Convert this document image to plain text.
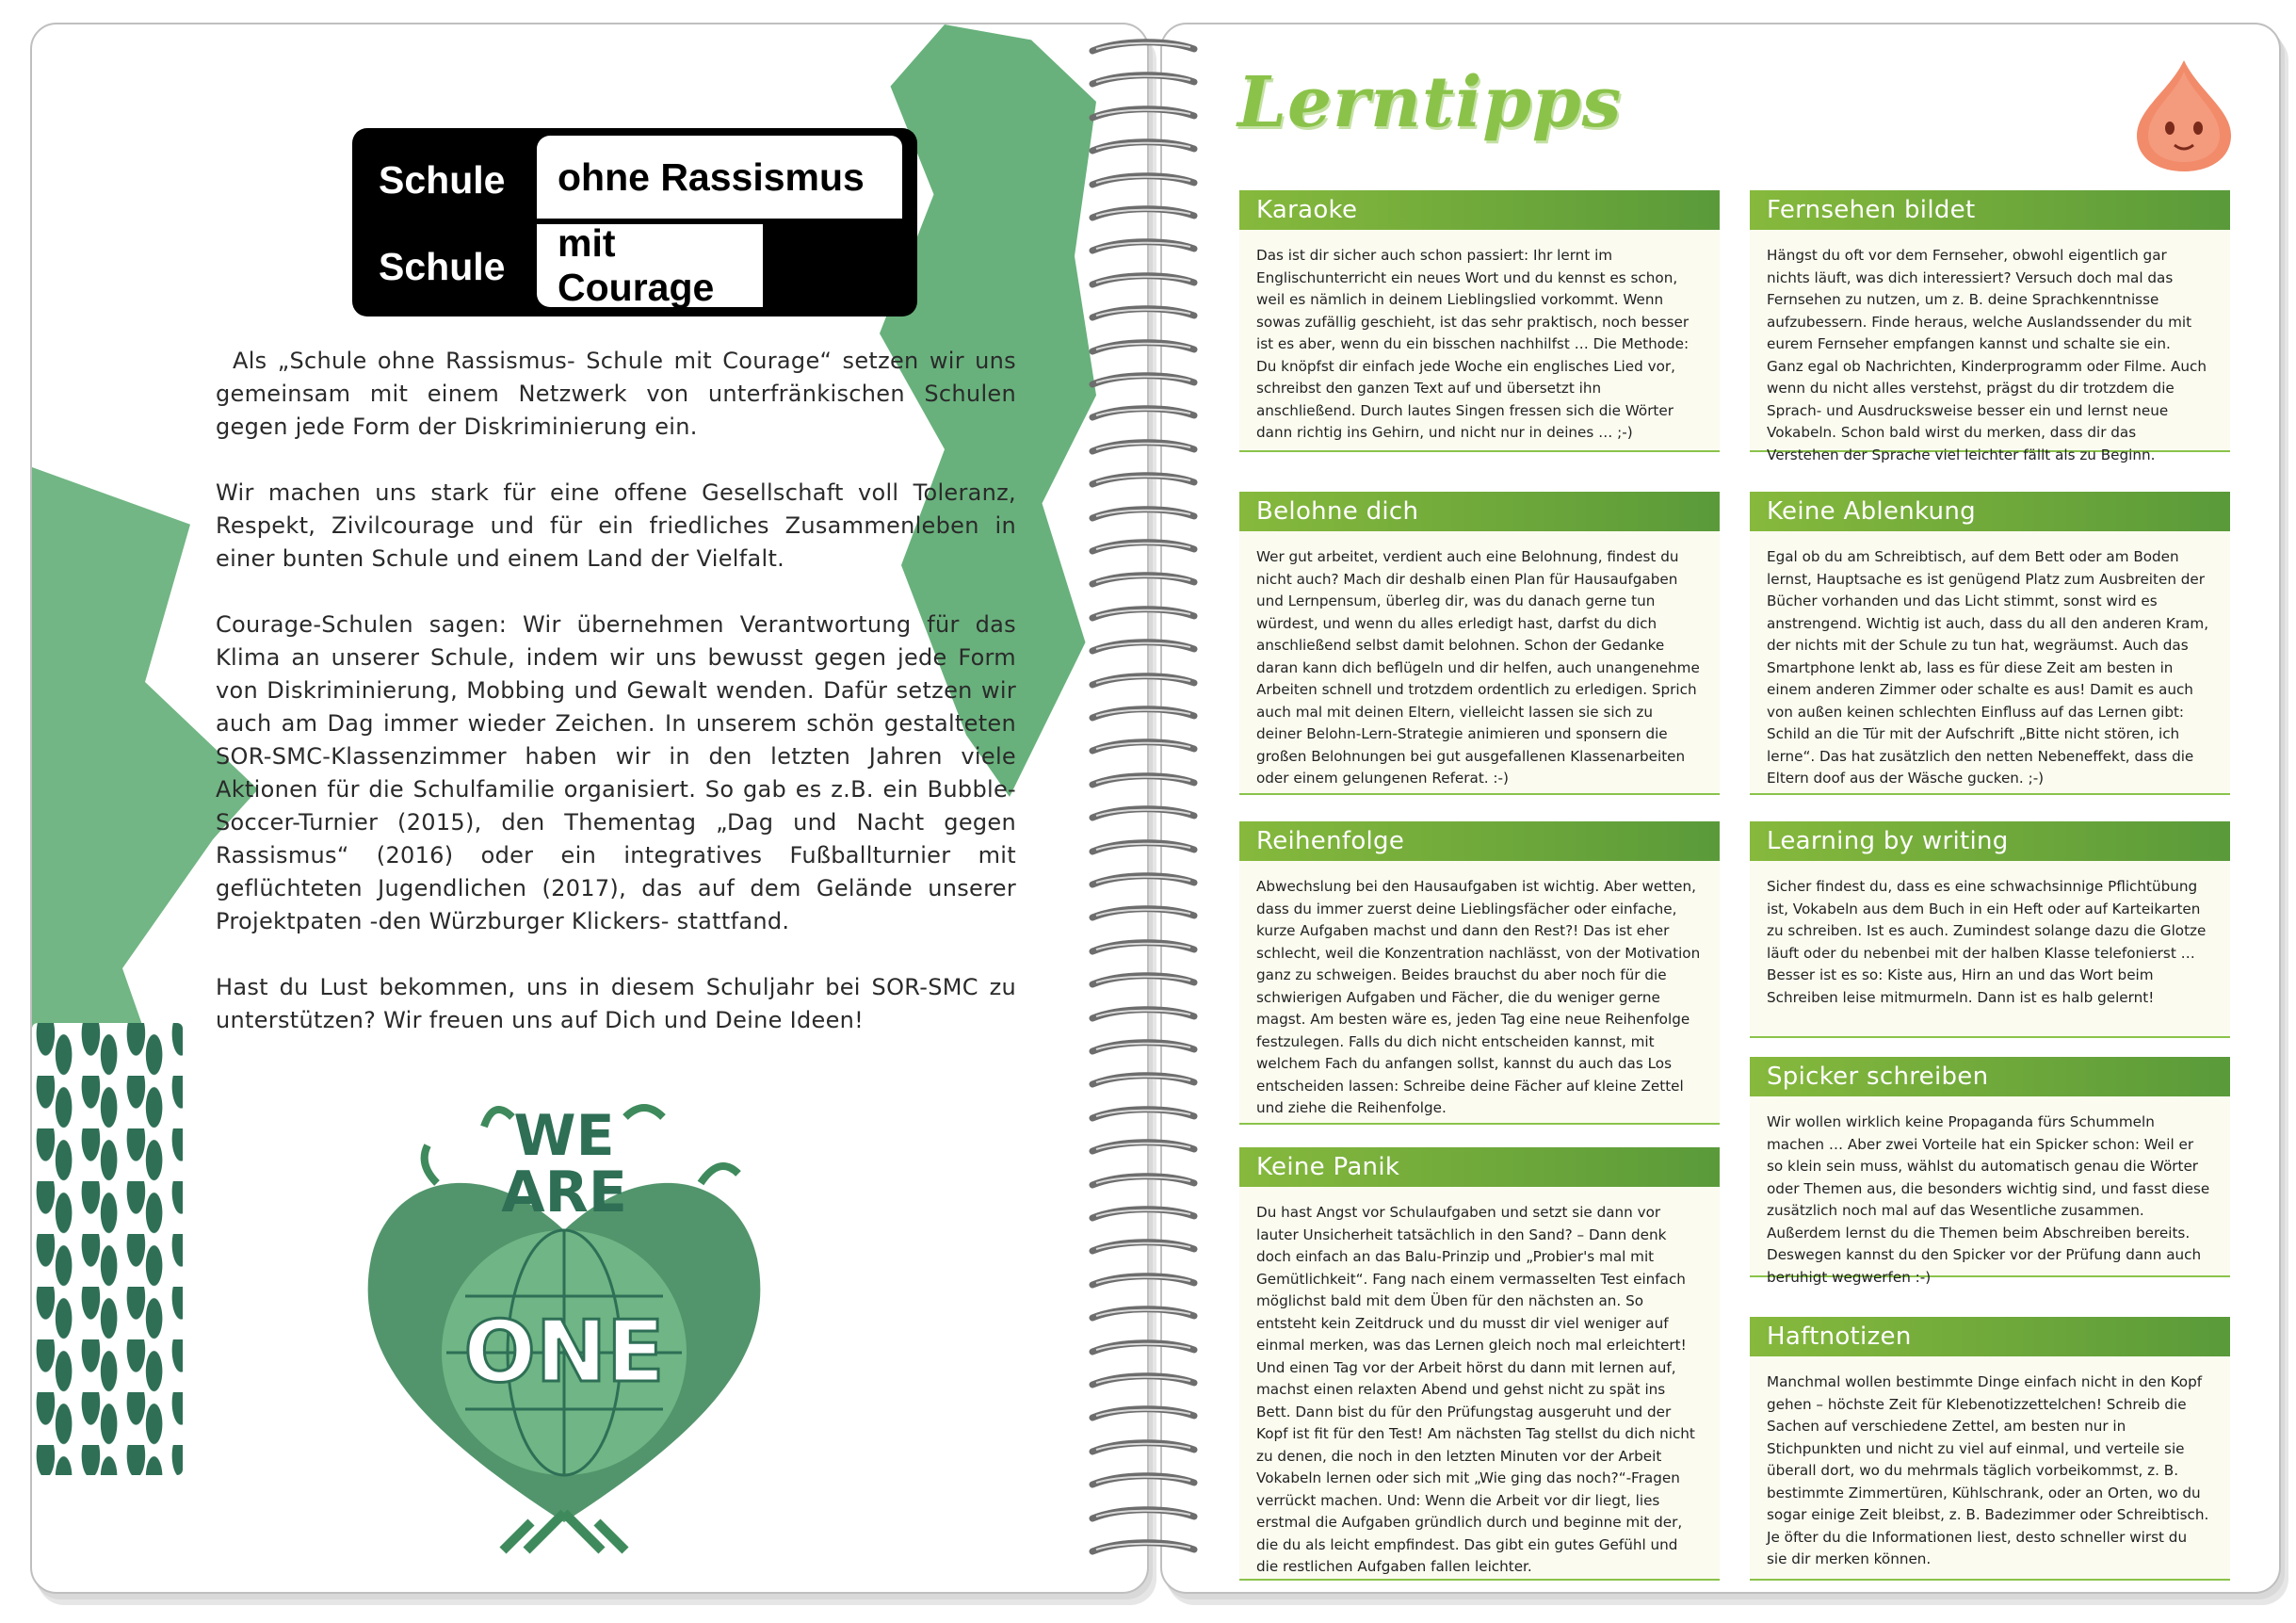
Schule	ohne Rassismus
Schule
mit Courage

Als „Schule ohne Rassismus- Schule mit Courage“ setzen wir uns gemeinsam mit einem Netzwerk von unterfränkischen Schulen gegen jede Form der Diskriminierung ein.

Wir machen uns stark für eine offene Gesellschaft voll Toleranz, Respekt, Zivilcourage und für ein friedliches Zusammenleben in einer bunten Schule und einem Land der Vielfalt.

Courage-Schulen sagen: Wir übernehmen Verantwortung für das Klima an unserer Schule, indem wir uns bewusst gegen jede Form von Diskriminierung, Mobbing und Gewalt wenden. Dafür setzen wir auch am Dag immer wieder Zeichen. In unserem schön gestalteten SOR-SMC-Klassenzimmer haben wir in den letzten Jahren viele Aktionen für die Schulfamilie organisiert. So gab es z.B. ein Bubble-Soccer-Turnier (2015), den Thementag „Dag und Nacht gegen Rassismus“ (2016) oder ein integratives Fußballturnier mit geflüchteten Jugendlichen (2017), das auf dem Gelände unserer Projektpaten -den Würzburger Klickers- stattfand.

Hast du Lust bekommen, uns in diesem Schuljahr bei SOR-SMC zu unterstützen? Wir freuen uns auf Dich und Deine Ideen!

WE
ARE
ONE
Lerntipps
Karaoke
Das ist dir sicher auch schon passiert: Ihr lernt im Englischunterricht ein neues Wort und du kennst es schon, weil es nämlich in deinem Lieblingslied vorkommt. Wenn sowas zufällig geschieht, ist das sehr praktisch, noch besser ist es aber, wenn du ein bisschen nachhilfst … Die Methode: Du knöpfst dir einfach jede Woche ein englisches Lied vor, schreibst den ganzen Text auf und übersetzt ihn anschließend. Durch lautes Singen fressen sich die Wörter dann richtig ins Gehirn, und nicht nur in deines … ;-)
Belohne dich
Wer gut arbeitet, verdient auch eine Belohnung, findest du nicht auch? Mach dir deshalb einen Plan für Hausaufgaben und Lernpensum, überleg dir, was du danach gerne tun würdest, und wenn du alles erledigt hast, darfst du dich anschließend selbst damit belohnen. Schon der Gedanke daran kann dich beflügeln und dir helfen, auch unangenehme Arbeiten schnell und trotzdem ordentlich zu erledigen. Sprich auch mal mit deinen Eltern, vielleicht lassen sie sich zu deiner Belohn-Lern-Strategie animieren und sponsern die großen Belohnungen bei gut ausgefallenen Klassenarbeiten oder einem gelungenen Referat. :-)
Reihenfolge
Abwechslung bei den Hausaufgaben ist wichtig. Aber wetten, dass du immer zuerst deine Lieblingsfächer oder einfache, kurze Aufgaben machst und dann den Rest?! Das ist eher schlecht, weil die Konzentration nachlässt, von der Motivation ganz zu schweigen. Beides brauchst du aber noch für die schwierigen Aufgaben und Fächer, die du weniger gerne magst. Am besten wäre es, jeden Tag eine neue Reihenfolge festzulegen. Falls du dich nicht entscheiden kannst, mit welchem Fach du anfangen sollst, kannst du auch das Los entscheiden lassen: Schreibe deine Fächer auf kleine Zettel und ziehe die Reihenfolge.
Keine Panik
Du hast Angst vor Schulaufgaben und setzt sie dann vor lauter Unsicherheit tatsächlich in den Sand? – Dann denk doch einfach an das Balu-Prinzip und „Probier's mal mit Gemütlichkeit“. Fang nach einem vermasselten Test einfach möglichst bald mit dem Üben für den nächsten an. So entsteht kein Zeitdruck und du musst dir viel weniger auf einmal merken, was das Lernen gleich noch mal erleichtert! Und einen Tag vor der Arbeit hörst du dann mit lernen auf, machst einen relaxten Abend und gehst nicht zu spät ins Bett. Dann bist du für den Prüfungstag ausgeruht und der Kopf ist fit für den Test! Am nächsten Tag stellst du dich nicht zu denen, die noch in den letzten Minuten vor der Arbeit Vokabeln lernen oder sich mit „Wie ging das noch?“-Fragen verrückt machen. Und: Wenn die Arbeit vor dir liegt, lies erstmal die Aufgaben gründlich durch und beginne mit der, die du als leicht empfindest. Das gibt ein gutes Gefühl und die restlichen Aufgaben fallen leichter.
Fernsehen bildet
Hängst du oft vor dem Fernseher, obwohl eigentlich gar nichts läuft, was dich interessiert? Versuch doch mal das Fernsehen zu nutzen, um z. B. deine Sprachkenntnisse aufzubessern. Finde heraus, welche Auslandssender du mit eurem Fernseher empfangen kannst und schalte sie ein. Ganz egal ob Nachrichten, Kinderprogramm oder Filme. Auch wenn du nicht alles verstehst, prägst du dir trotzdem die Sprach- und Ausdrucksweise besser ein und lernst neue Vokabeln. Schon bald wirst du merken, dass dir das Verstehen der Sprache viel leichter fällt als zu Beginn.
Keine Ablenkung
Egal ob du am Schreibtisch, auf dem Bett oder am Boden lernst, Hauptsache es ist genügend Platz zum Ausbreiten der Bücher vorhanden und das Licht stimmt, sonst wird es anstrengend. Wichtig ist auch, dass du all den anderen Kram, der nichts mit der Schule zu tun hat, wegräumst. Auch das Smartphone lenkt ab, lass es für diese Zeit am besten in einem anderen Zimmer oder schalte es aus! Damit es auch von außen keinen schlechten Einfluss auf das Lernen gibt: Schild an die Tür mit der Aufschrift „Bitte nicht stören, ich lerne“. Das hat zusätzlich den netten Nebeneffekt, dass die Eltern doof aus der Wäsche gucken. ;-)
Learning by writing
Sicher findest du, dass es eine schwachsinnige Pflichtübung ist, Vokabeln aus dem Buch in ein Heft oder auf Karteikarten zu schreiben. Ist es auch. Zumindest solange dazu die Glotze läuft oder du nebenbei mit der halben Klasse telefonierst … Besser ist es so: Kiste aus, Hirn an und das Wort beim Schreiben leise mitmurmeln. Dann ist es halb gelernt!
Spicker schreiben
Wir wollen wirklich keine Propaganda fürs Schummeln machen … Aber zwei Vorteile hat ein Spicker schon: Weil er so klein sein muss, wählst du automatisch genau die Wörter oder Themen aus, die besonders wichtig sind, und fasst diese zusätzlich noch mal auf das Wesentliche zusammen. Außerdem lernst du die Themen beim Abschreiben bereits. Deswegen kannst du den Spicker vor der Prüfung dann auch beruhigt wegwerfen :-)
Haftnotizen
Manchmal wollen bestimmte Dinge einfach nicht in den Kopf gehen – höchste Zeit für Klebenotizzettelchen! Schreib die Sachen auf verschiedene Zettel, am besten nur in Stichpunkten und nicht zu viel auf einmal, und verteile sie überall dort, wo du mehrmals täglich vorbeikommst, z. B. bestimmte Zimmertüren, Kühlschrank, oder an Orten, wo du sogar einige Zeit bleibst, z. B. Badezimmer oder Schreibtisch. Je öfter du die Informationen liest, desto schneller wirst du sie dir merken können.
